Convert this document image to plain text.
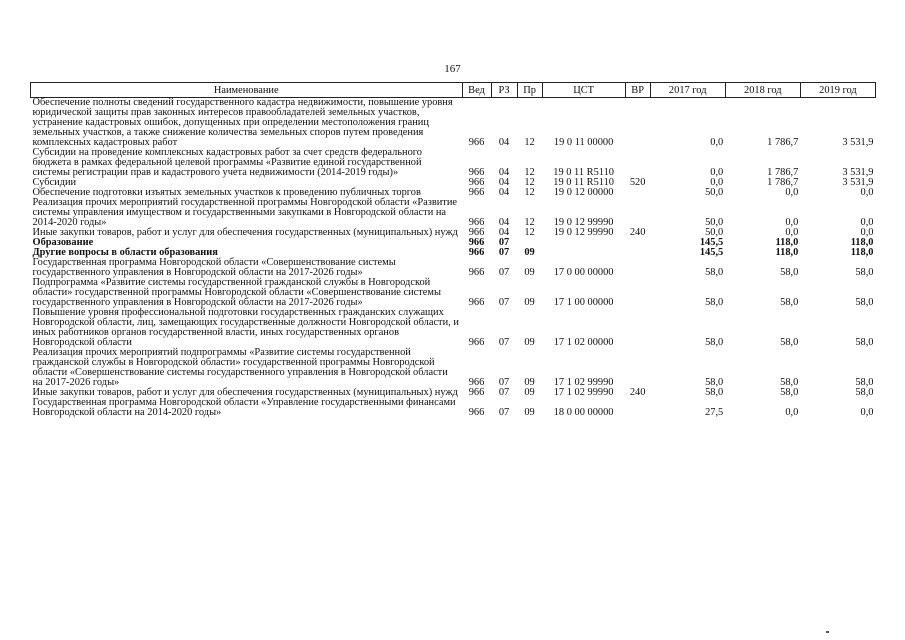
167
Наименование	Вед	РЗ	Пр	ЦСТ	ВР	2017 год	2018 год	2019 год
Обеспечение полноты сведений государственного кадастра недвижимости, повышение уровня юридической защиты прав законных интересов правообладателей земельных участков, устранение кадастровых ошибок, допущенных при определении местоположения границ земельных участков, а также снижение количества земельных споров путем проведения комплексных кадастровых работ	966	04	12	19 0 11 00000		0,0	1 786,7	3 531,9
Субсидии на проведение комплексных кадастровых работ за счет средств федерального бюджета в рамках федеральной целевой программы «Развитие единой государственной системы регистрации прав и кадастрового учета недвижимости (2014-2019 годы)»	966	04	12	19 0 11 R5110		0,0	1 786,7	3 531,9
Субсидии	966	04	12	19 0 11 R5110	520	0,0	1 786,7	3 531,9
Обеспечение подготовки изъятых земельных участков к проведению публичных торгов	966	04	12	19 0 12 00000		50,0	0,0	0,0
Реализация прочих мероприятий государственной программы Новгородской области «Развитие системы управления имуществом и государственными закупками в Новгородской области на 2014-2020 годы»	966	04	12	19 0 12 99990		50,0	0,0	0,0
Иные закупки товаров, работ и услуг для обеспечения государственных (муниципальных) нужд	966	04	12	19 0 12 99990	240	50,0	0,0	0,0
Образование	966	07				145,5	118,0	118,0
Другие вопросы в области образования	966	07	09			145,5	118,0	118,0
Государственная программа Новгородской области «Совершенствование системы государственного управления в Новгородской области на 2017-2026 годы»	966	07	09	17 0 00 00000		58,0	58,0	58,0
Подпрограмма «Развитие системы государственной гражданской службы в Новгородской области» государственной программы Новгородской области «Совершенствование системы государственного управления в Новгородской области на 2017-2026 годы»	966	07	09	17 1 00 00000		58,0	58,0	58,0
Повышение уровня профессиональной подготовки государственных гражданских служащих Новгородской области, лиц, замещающих государственные должности Новгородской области, и иных работников органов государственной власти, иных государственных органов Новгородской области	966	07	09	17 1 02 00000		58,0	58,0	58,0
Реализация прочих мероприятий подпрограммы «Развитие системы государственной гражданской службы в Новгородской области» государственной программы Новгородской области «Совершенствование системы государственного управления в Новгородской области на 2017-2026 годы»	966	07	09	17 1 02 99990		58,0	58,0	58,0
Иные закупки товаров, работ и услуг для обеспечения государственных (муниципальных) нужд	966	07	09	17 1 02 99990	240	58,0	58,0	58,0
Государственная программа Новгородской области «Управление государственными финансами Новгородской области на 2014-2020 годы»	966	07	09	18 0 00 00000		27,5	0,0	0,0
